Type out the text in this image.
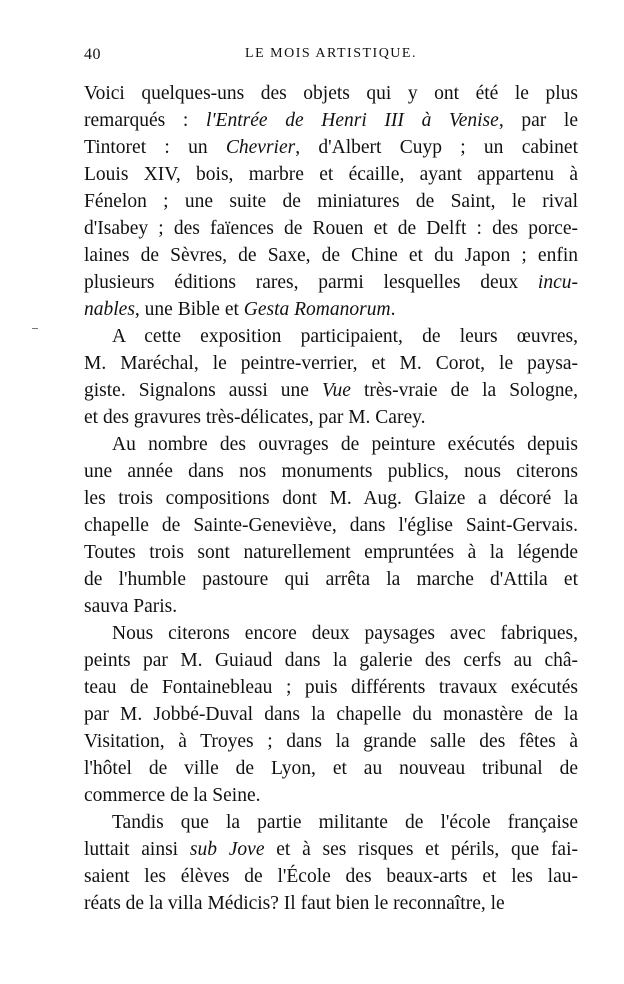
40	LE MOIS ARTISTIQUE.
Voici quelques-uns des objets qui y ont été le plus
remarqués : l'Entrée de Henri III à Venise, par le
Tintoret : un Chevrier, d'Albert Cuyp ; un cabinet
Louis XIV, bois, marbre et écaille, ayant appartenu à
Fénelon ; une suite de miniatures de Saint, le rival
d'Isabey ; des faïences de Rouen et de Delft : des porce-
laines de Sèvres, de Saxe, de Chine et du Japon ; enfin
plusieurs éditions rares, parmi lesquelles deux incu-
nables, une Bible et Gesta Romanorum.
A cette exposition participaient, de leurs œuvres,
M. Maréchal, le peintre-verrier, et M. Corot, le paysa-
giste. Signalons aussi une Vue très-vraie de la Sologne,
et des gravures très-délicates, par M. Carey.
Au nombre des ouvrages de peinture exécutés depuis
une année dans nos monuments publics, nous citerons
les trois compositions dont M. Aug. Glaize a décoré la
chapelle de Sainte-Geneviève, dans l'église Saint-Gervais.
Toutes trois sont naturellement empruntées à la légende
de l'humble pastoure qui arrêta la marche d'Attila et
sauva Paris.
Nous citerons encore deux paysages avec fabriques,
peints par M. Guiaud dans la galerie des cerfs au châ-
teau de Fontainebleau ; puis différents travaux exécutés
par M. Jobbé-Duval dans la chapelle du monastère de la
Visitation, à Troyes ; dans la grande salle des fêtes à
l'hôtel de ville de Lyon, et au nouveau tribunal de
commerce de la Seine.
Tandis que la partie militante de l'école française
luttait ainsi sub Jove et à ses risques et périls, que fai-
saient les élèves de l'École des beaux-arts et les lau-
réats de la villa Médicis? Il faut bien le reconnaître, le
